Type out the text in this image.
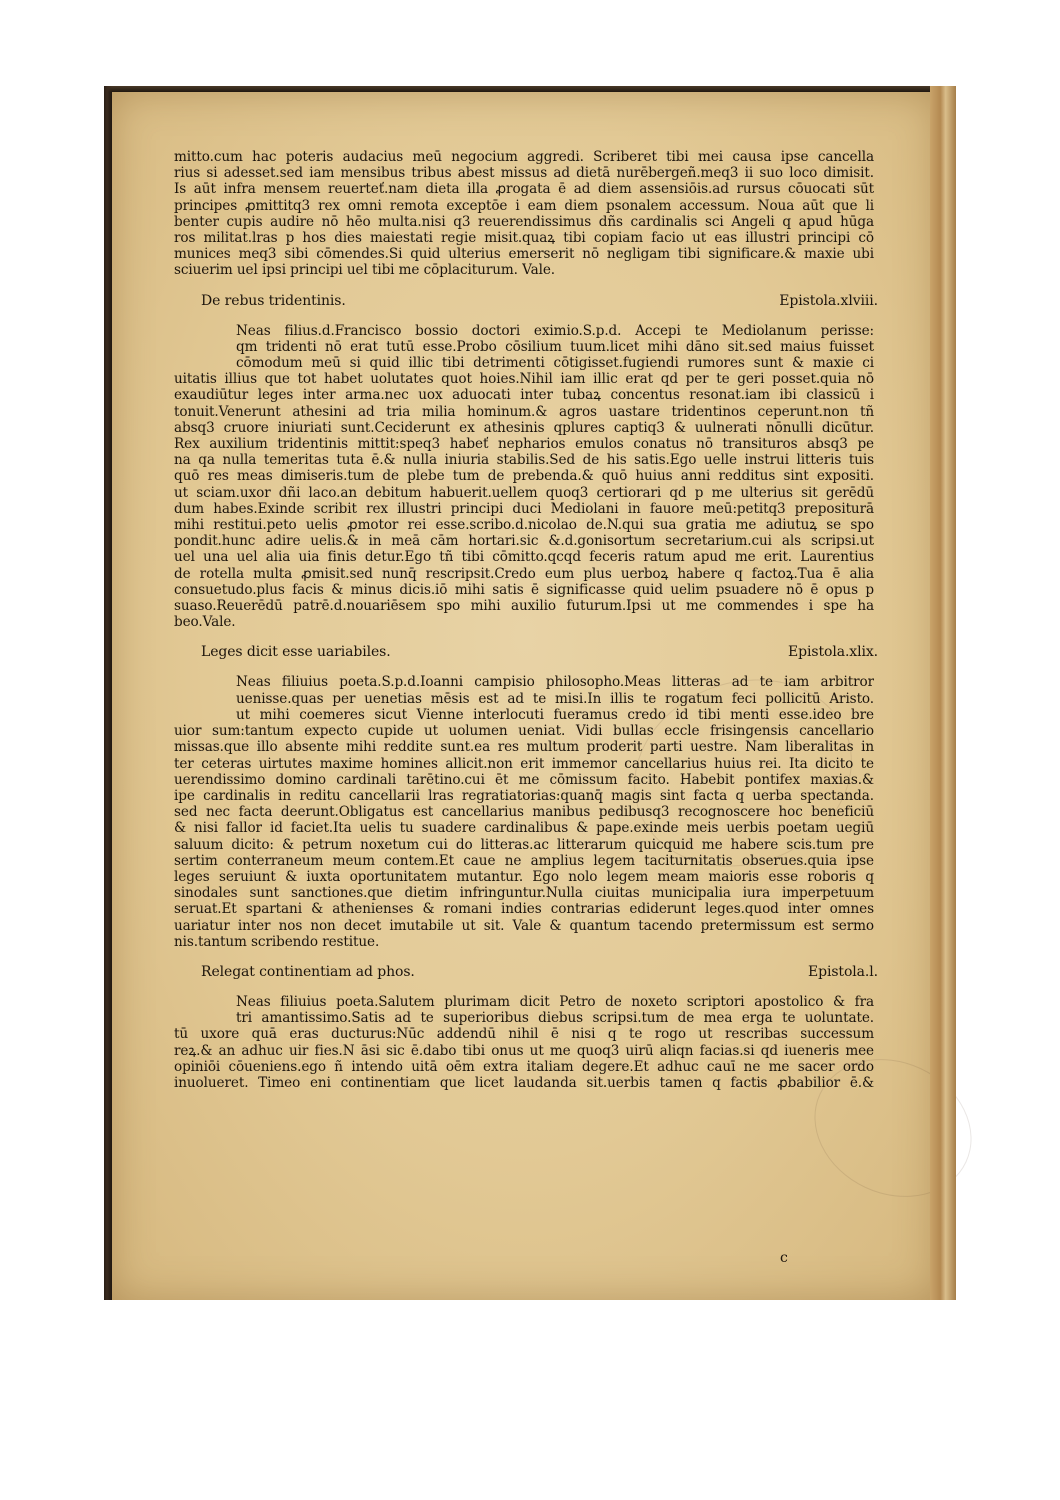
mitto.cum hac poteris audacius meū negocium aggredi. Scriberet tibi mei causa ipse cancella
rius si adesset.sed iam mensibus tribus abest missus ad dietā nurēbergeñ.meq3 ii suo loco dimisit.
Is aūt infra mensem reuerteť.nam dieta illa ꝓrogata ē ad diem assensiōis.ad rursus cōuocati sūt
principes ꝓmittitq3 rex omni remota exceptōe i eam diem psonalem accessum. Noua aūt que li
benter cupis audire nō hēo multa.nisi q3 reuerendissimus dñs cardinalis sci Angeli q apud hūga
ros militat.lras p hos dies maiestati regie misit.quaꝝ tibi copiam facio ut eas illustri principi cō
munices meq3 sibi cōmendes.Si quid ulterius emerserit nō negligam tibi significare.& maxie ubi
sciuerim uel ipsi principi uel tibi me cōplaciturum. Vale.
De rebus tridentinis.	Epistola.xlviii.
Neas filius.d.Francisco bossio doctori eximio.S.p.d. Accepi te Mediolanum perisse:
qm tridenti nō erat tutū esse.Probo cōsilium tuum.licet mihi dāno sit.sed maius fuisset
cōmodum meū si quid illic tibi detrimenti cōtigisset.fugiendi rumores sunt & maxie ci
uitatis illius que tot habet uolutates quot hoies.Nihil iam illic erat qd per te geri posset.quia nō
exaudiūtur leges inter arma.nec uox aduocati inter tubaꝝ concentus resonat.iam ibi classicū i
tonuit.Venerunt athesini ad tria milia hominum.& agros uastare tridentinos ceperunt.non tñ
absq3 cruore iniuriati sunt.Ceciderunt ex athesinis qplures captiq3 & uulnerati nōnulli dicūtur.
Rex auxilium tridentinis mittit:speq3 habeť nepharios emulos conatus nō transituros absq3 pe
na qa nulla temeritas tuta ē.& nulla iniuria stabilis.Sed de his satis.Ego uelle instrui litteris tuis
quō res meas dimiseris.tum de plebe tum de prebenda.& quō huius anni redditus sint expositi.
ut sciam.uxor dñi laco.an debitum habuerit.uellem quoq3 certiorari qd p me ulterius sit gerēdū
dum habes.Exinde scribit rex illustri principi duci Mediolani in fauore meū:petitq3 prepositurā
mihi restitui.peto uelis ꝓmotor rei esse.scribo.d.nicolao de.N.qui sua gratia me adiutuꝝ se spo
pondit.hunc adire uelis.& in meā cām hortari.sic &.d.gonisortum secretarium.cui als scripsi.ut
uel una uel alia uia finis detur.Ego tñ tibi cōmitto.qcqd feceris ratum apud me erit. Laurentius
de rotella multa ꝓmisit.sed nunq̄ rescripsit.Credo eum plus uerboꝝ habere q factoꝝ.Tua ē alia
consuetudo.plus facis & minus dicis.iō mihi satis ē significasse quid uelim psuadere nō ē opus p
suaso.Reuerēdū patrē.d.nouariēsem spo mihi auxilio futurum.Ipsi ut me commendes i spe ha
beo.Vale.
Leges dicit esse uariabiles.	Epistola.xlix.
Neas filiuius poeta.S.p.d.Ioanni campisio philosopho.Meas litteras ad te iam arbitror
uenisse.quas per uenetias mēsis est ad te misi.In illis te rogatum feci pollicitū Aristo.
ut mihi coemeres sicut Vienne interlocuti fueramus credo id tibi menti esse.ideo bre
uior sum:tantum expecto cupide ut uolumen ueniat. Vidi bullas eccle frisingensis cancellario
missas.que illo absente mihi reddite sunt.ea res multum proderit parti uestre. Nam liberalitas in
ter ceteras uirtutes maxime homines allicit.non erit immemor cancellarius huius rei. Ita dicito te
uerendissimo domino cardinali tarētino.cui ēt me cōmissum facito. Habebit pontifex maxias.&
ipe cardinalis in reditu cancellarii lras regratiatorias:quanq̄ magis sint facta q uerba spectanda.
sed nec facta deerunt.Obligatus est cancellarius manibus pedibusq3 recognoscere hoc beneficiū
& nisi fallor id faciet.Ita uelis tu suadere cardinalibus & pape.exinde meis uerbis poetam uegiū
saluum dicito: & petrum noxetum cui do litteras.ac litterarum quicquid me habere scis.tum pre
sertim conterraneum meum contem.Et caue ne amplius legem taciturnitatis obserues.quia ipse
leges seruiunt & iuxta oportunitatem mutantur. Ego nolo legem meam maioris esse roboris q
sinodales sunt sanctiones.que dietim infringuntur.Nulla ciuitas municipalia iura imperpetuum
seruat.Et spartani & athenienses & romani indies contrarias ediderunt leges.quod inter omnes
uariatur inter nos non decet imutabile ut sit. Vale & quantum tacendo pretermissum est sermo
nis.tantum scribendo restitue.
Relegat continentiam ad phos.	Epistola.l.
Neas filiuius poeta.Salutem plurimam dicit Petro de noxeto scriptori apostolico & fra
tri amantissimo.Satis ad te superioribus diebus scripsi.tum de mea erga te uoluntate.
tū uxore quā eras ducturus:Nūc addendū nihil ē nisi q te rogo ut rescribas successum
reꝝ.& an adhuc uir fies.N āsi sic ē.dabo tibi onus ut me quoq3 uirū aliqn facias.si qd iueneris mee
opiniōi cōueniens.ego ñ intendo uitā oēm extra italiam degere.Et adhuc cauī ne me sacer ordo
inuolueret. Timeo eni continentiam que licet laudanda sit.uerbis tamen q factis ꝓbabilior ē.&
c
